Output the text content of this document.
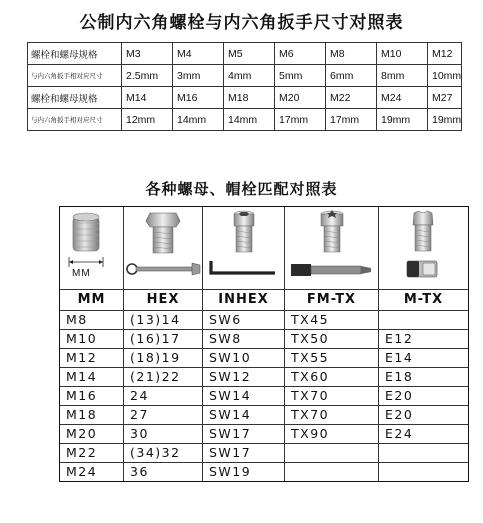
公制内六角螺栓与内六角扳手尺寸对照表
螺栓和螺母规格	M3	M4	M5	M6	M8	M10	M12
与内六角扳手相对应尺寸	2.5mm	3mm	4mm	5mm	6mm	8mm	10mm
螺栓和螺母规格	M14	M16	M18	M20	M22	M24	M27
与内六角扳手相对应尺寸	12mm	14mm	14mm	17mm	17mm	19mm	19mm
各种螺母、帽栓匹配对照表
MM
MM	HEX	INHEX	FM-TX	M-TX
M8	(13)14	SW6	TX45
M10	(16)17	SW8	TX50	E12
M12	(18)19	SW10	TX55	E14
M14	(21)22	SW12	TX60	E18
M16	24	SW14	TX70	E20
M18	27	SW14	TX70	E20
M20	30	SW17	TX90	E24
M22	(34)32	SW17
M24	36	SW19
